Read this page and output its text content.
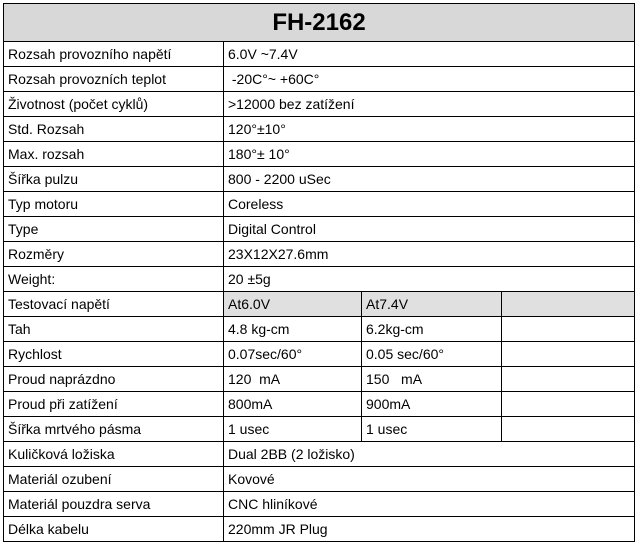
FH-2162			
Rozsah provozního napětí	6.0V ~7.4V		
Rozsah provozních teplot	-20C°~ +60C°		
Životnost (počet cyklů)	>12000 bez zatížení		
Std. Rozsah	120°±10°		
Max. rozsah	180°± 10°		
Šířka pulzu	800 - 2200 uSec		
Typ motoru	Coreless		
Type	Digital Control		
Rozměry	23X12X27.6mm		
Weight:	20 ±5g		
Testovací napětí	At6.0V	At7.4V	
Tah	4.8 kg-cm	6.2kg-cm	
Rychlost	0.07sec/60°	0.05 sec/60°	
Proud naprázdno	120  mA	150   mA	
Proud při zatížení	800mA	900mA	
Šířka mrtvého pásma	1 usec	1 usec	
Kuličková ložiska	Dual 2BB (2 ložisko)		
Materiál ozubení	Kovové		
Materiál pouzdra serva	CNC hliníkové		
Délka kabelu	220mm JR Plug		
